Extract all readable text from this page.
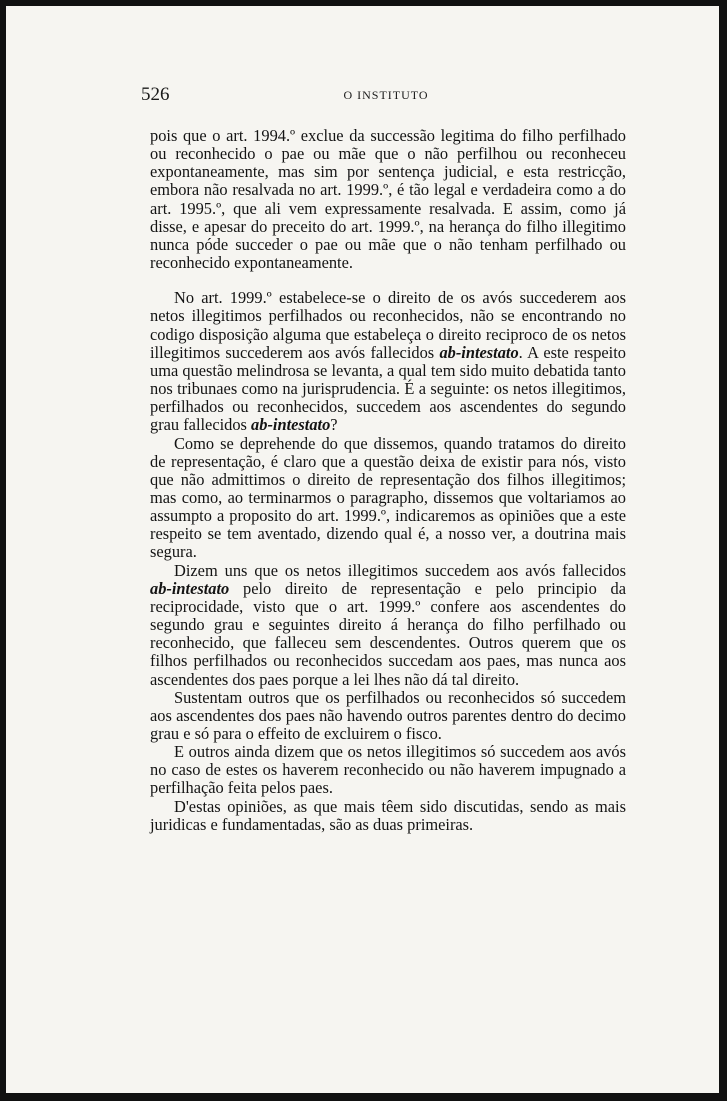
526	O INSTITUTO

pois que o art. 1994.º exclue da successão legitima do filho perfilhado ou reconhecido o pae ou mãe que o não perfilhou ou reconheceu expontaneamente, mas sim por sentença judicial, e esta restricção, embora não resalvada no art. 1999.º, é tão legal e verdadeira como a do art. 1995.º, que ali vem expressamente resalvada. E assim, como já disse, e apesar do preceito do art. 1999.º, na herança do filho illegitimo nunca póde succeder o pae ou mãe que o não tenham perfilhado ou reconhecido expontaneamente.

No art. 1999.º estabelece-se o direito de os avós succederem aos netos illegitimos perfilhados ou reconhecidos, não se encontrando no codigo disposição alguma que estabeleça o direito reciproco de os netos illegitimos succederem aos avós fallecidos ab-intestato. A este respeito uma questão melindrosa se levanta, a qual tem sido muito debatida tanto nos tribunaes como na jurisprudencia. É a seguinte: os netos illegitimos, perfilhados ou reconhecidos, succedem aos ascendentes do segundo grau fallecidos ab-intestato?

Como se deprehende do que dissemos, quando tratamos do direito de representação, é claro que a questão deixa de existir para nós, visto que não admittimos o direito de representação dos filhos illegitimos; mas como, ao terminarmos o paragrapho, dissemos que voltariamos ao assumpto a proposito do art. 1999.º, indicaremos as opiniões que a este respeito se tem aventado, dizendo qual é, a nosso ver, a doutrina mais segura.

Dizem uns que os netos illegitimos succedem aos avós fallecidos ab-intestato pelo direito de representação e pelo principio da reciprocidade, visto que o art. 1999.º confere aos ascendentes do segundo grau e seguintes direito á herança do filho perfilhado ou reconhecido, que falleceu sem descendentes. Outros querem que os filhos perfilhados ou reconhecidos succedam aos paes, mas nunca aos ascendentes dos paes porque a lei lhes não dá tal direito.

Sustentam outros que os perfilhados ou reconhecidos só succedem aos ascendentes dos paes não havendo outros parentes dentro do decimo grau e só para o effeito de excluirem o fisco.

E outros ainda dizem que os netos illegitimos só succedem aos avós no caso de estes os haverem reconhecido ou não haverem impugnado a perfilhação feita pelos paes.

D'estas opiniões, as que mais têem sido discutidas, sendo as mais juridicas e fundamentadas, são as duas primeiras.
